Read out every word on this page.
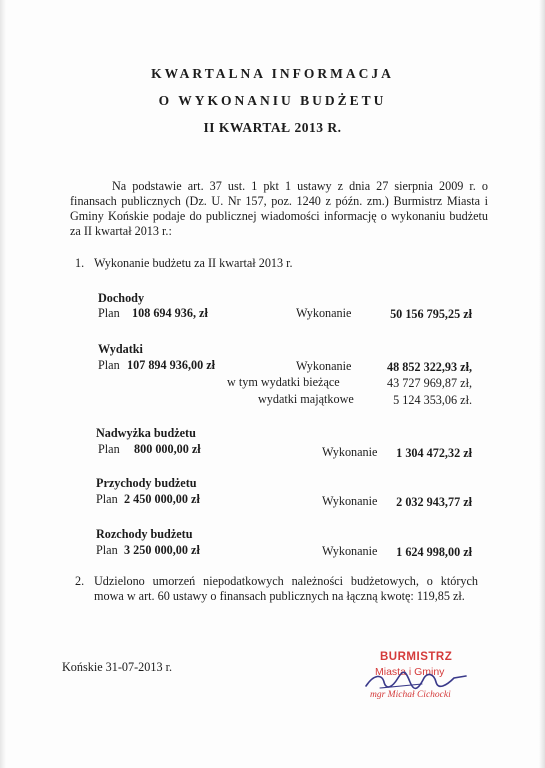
KWARTALNA INFORMACJA
O WYKONANIU BUDŻETU
II KWARTAŁ 2013 R.
Na podstawie art. 37 ust. 1 pkt 1 ustawy z dnia 27 sierpnia 2009 r. o finansach publicznych (Dz. U. Nr 157, poz. 1240 z późn. zm.) Burmistrz Miasta i Gminy Końskie podaje do publicznej wiadomości informację o wykonaniu budżetu za II kwartał 2013 r.:
1. Wykonanie budżetu za II kwartał 2013 r.
Dochody
Plan 108 694 936, zł	Wykonanie	50 156 795,25 zł
Wydatki
Plan 107 894 936,00 zł	Wykonanie	48 852 322,93 zł,
w tym wydatki bieżące	43 727 969,87 zł,
wydatki majątkowe	5 124 353,06 zł.
Nadwyżka budżetu
Plan 800 000,00 zł	Wykonanie 1 304 472,32 zł
Przychody budżetu
Plan 2 450 000,00 zł	Wykonanie 2 032 943,77 zł
Rozchody budżetu
Plan 3 250 000,00 zł	Wykonanie 1 624 998,00 zł
2. Udzielono umorzeń niepodatkowych należności budżetowych, o których mowa w art. 60 ustawy o finansach publicznych na łączną kwotę: 119,85 zł.
Końskie 31-07-2013 r.
BURMISTRZ
Miasta i Gminy
mgr Michał Cichocki
